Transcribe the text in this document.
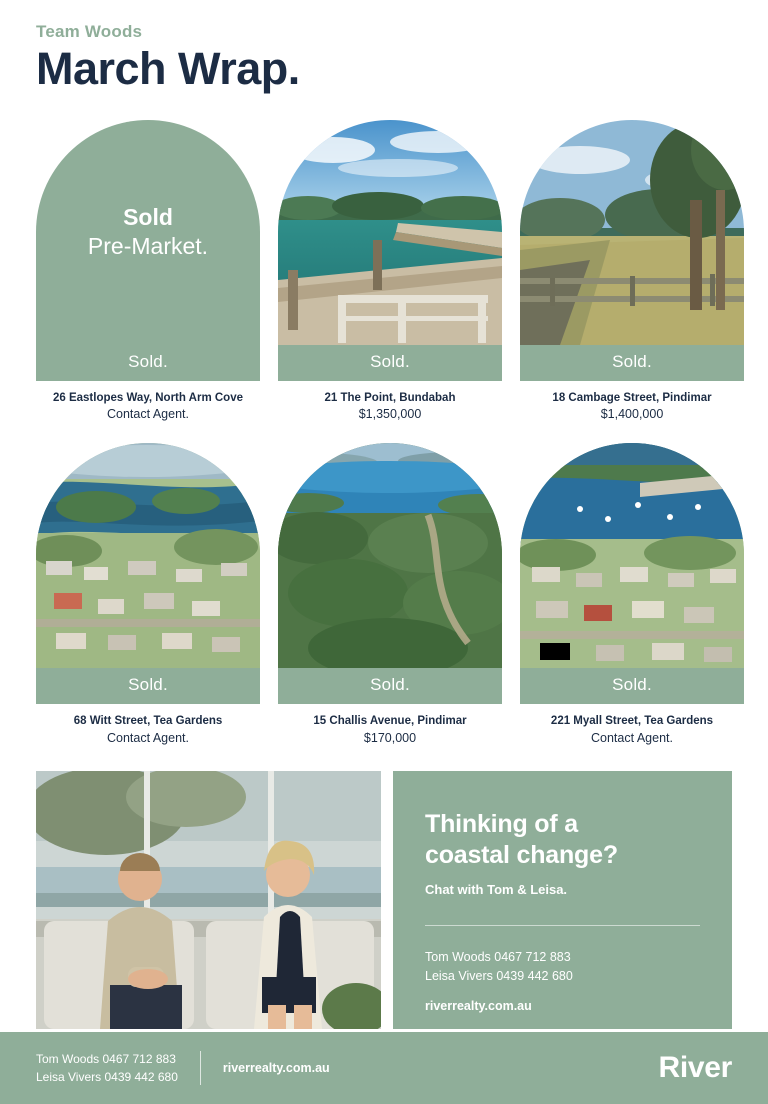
Team Woods
March Wrap.
Sold
Pre-Market.
Sold.
26 Eastlopes Way, North Arm Cove
Contact Agent.
Sold.
21 The Point, Bundabah
$1,350,000
Sold.
18 Cambage Street, Pindimar
$1,400,000
Sold.
68 Witt Street, Tea Gardens
Contact Agent.
Sold.
15 Challis Avenue, Pindimar
$170,000
Sold.
221 Myall Street, Tea Gardens
Contact Agent.
Thinking of a
coastal change?
Chat with Tom & Leisa.
Tom Woods 0467 712 883
Leisa Vivers 0439 442 680
riverrealty.com.au
Tom Woods 0467 712 883
Leisa Vivers 0439 442 680
riverrealty.com.au	River
